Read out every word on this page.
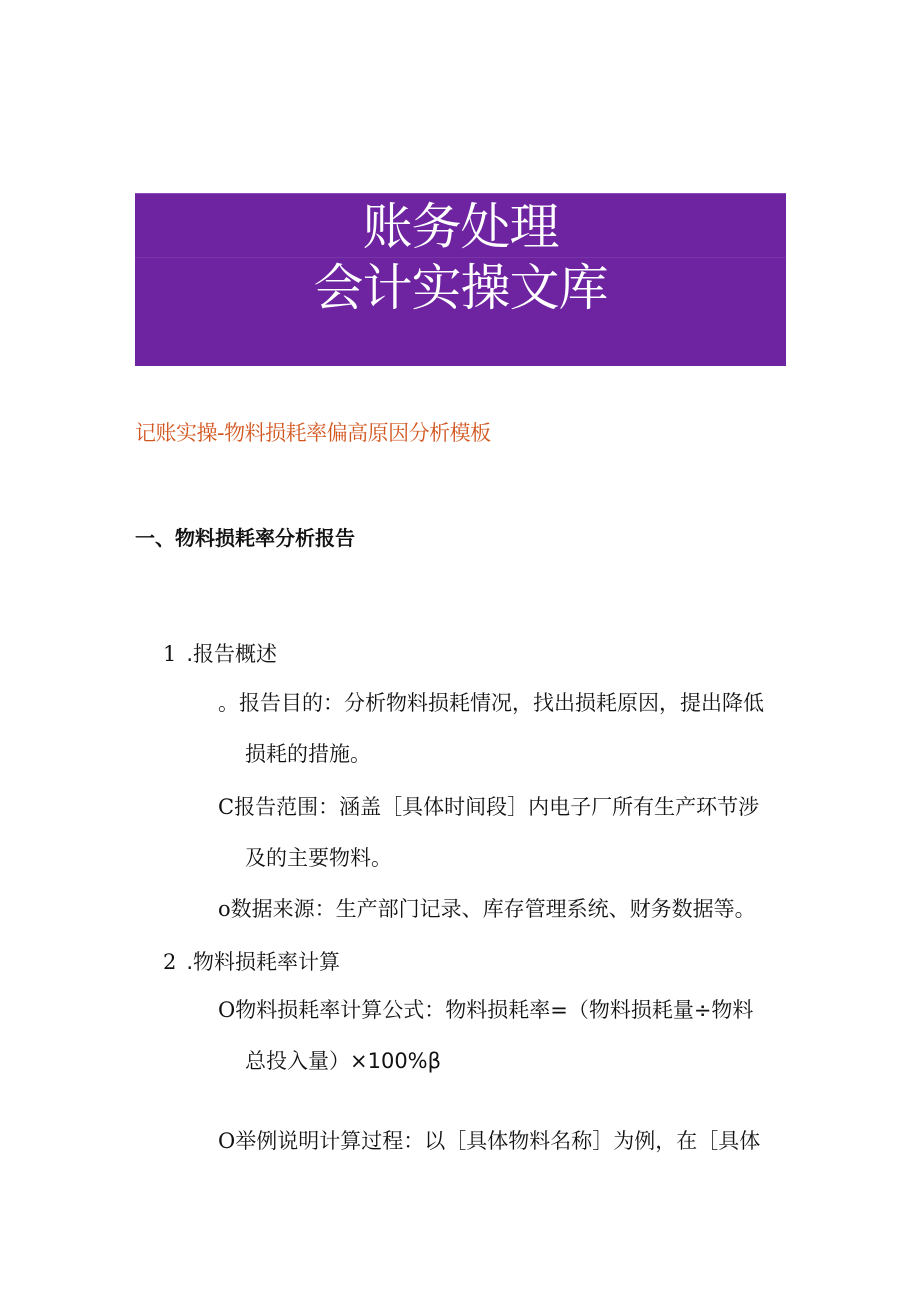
账务处理
会计实操文库
记账实操-物料损耗率偏高原因分析模板
一、物料损耗率分析报告
1 .报告概述
。报告目的：分析物料损耗情况，找出损耗原因，提出降低
损耗的措施。
C报告范围：涵盖［具体时间段］内电子厂所有生产环节涉
及的主要物料。
o数据来源：生产部门记录、库存管理系统、财务数据等。
2 .物料损耗率计算
O物料损耗率计算公式：物料损耗率=（物料损耗量÷物料
总投入量）×100%β
O举例说明计算过程：以［具体物料名称］为例，在［具体
